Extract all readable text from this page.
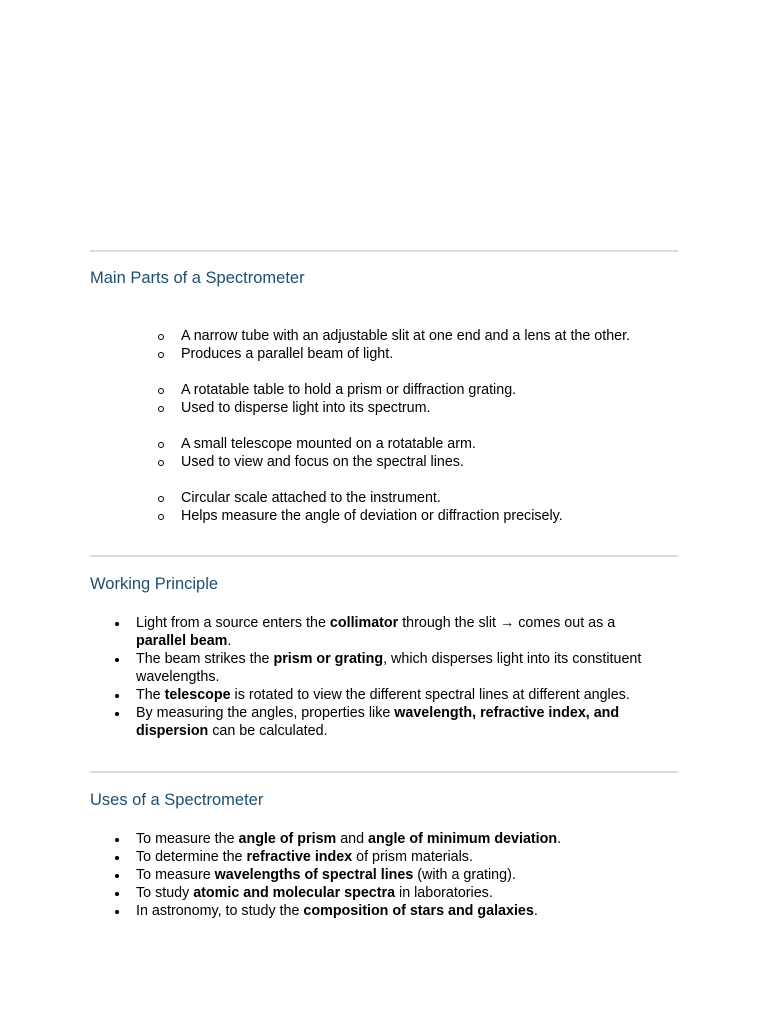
Main Parts of a Spectrometer
A narrow tube with an adjustable slit at one end and a lens at the other.
Produces a parallel beam of light.
A rotatable table to hold a prism or diffraction grating.
Used to disperse light into its spectrum.
A small telescope mounted on a rotatable arm.
Used to view and focus on the spectral lines.
Circular scale attached to the instrument.
Helps measure the angle of deviation or diffraction precisely.
Working Principle
Light from a source enters the collimator through the slit → comes out as a
parallel beam.
The beam strikes the prism or grating, which disperses light into its constituent wavelengths.
The telescope is rotated to view the different spectral lines at different angles.
By measuring the angles, properties like wavelength, refractive index, and dispersion can be calculated.
Uses of a Spectrometer
To measure the angle of prism and angle of minimum deviation.
To determine the refractive index of prism materials.
To measure wavelengths of spectral lines (with a grating).
To study atomic and molecular spectra in laboratories.
In astronomy, to study the composition of stars and galaxies.
